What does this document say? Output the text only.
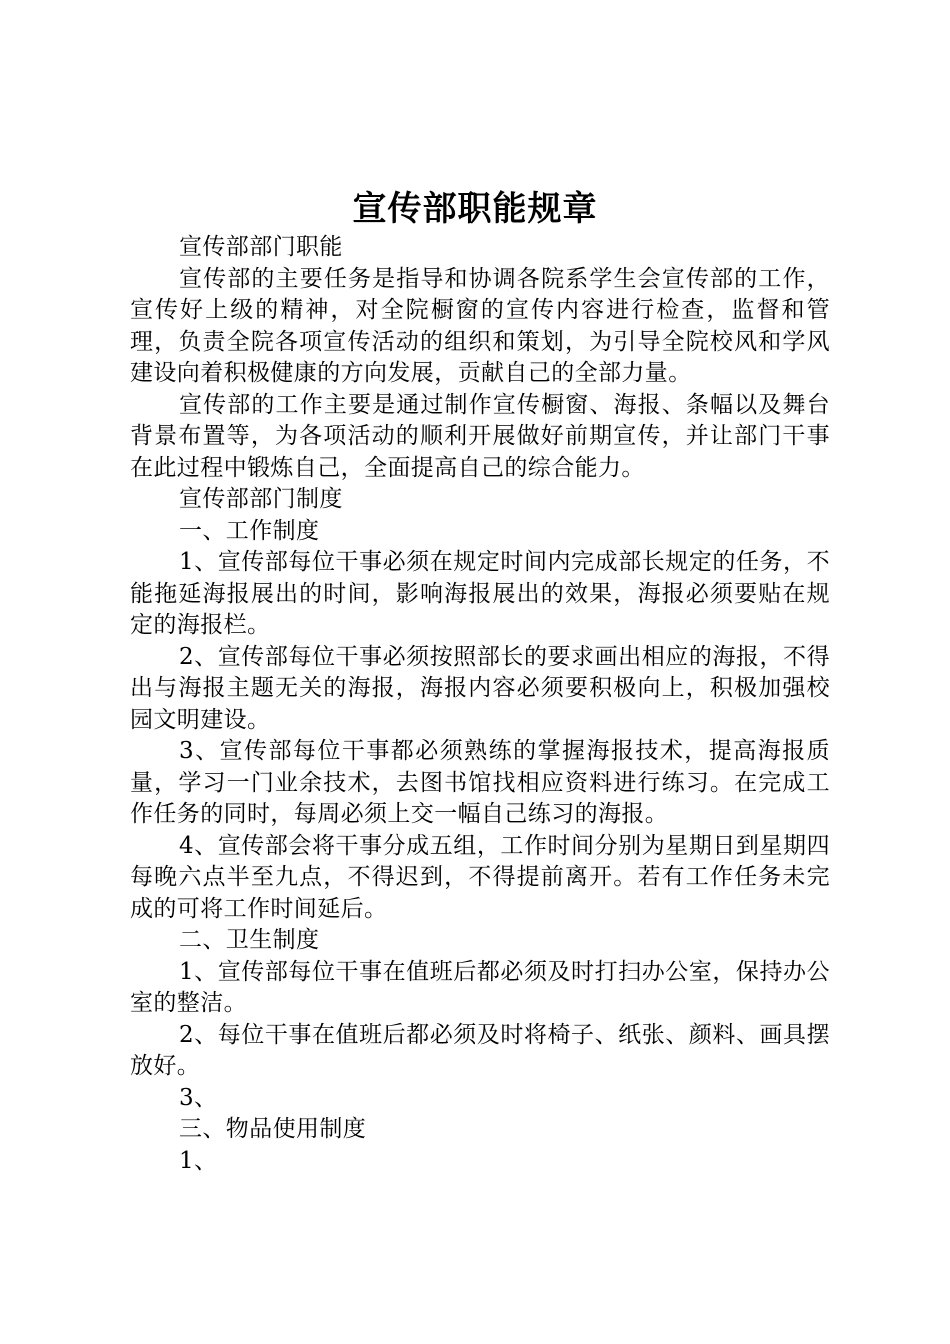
宣传部职能规章

宣传部部门职能

宣传部的主要任务是指导和协调各院系学生会宣传部的工作，宣传好上级的精神，对全院橱窗的宣传内容进行检查，监督和管理，负责全院各项宣传活动的组织和策划，为引导全院校风和学风建设向着积极健康的方向发展，贡献自己的全部力量。

宣传部的工作主要是通过制作宣传橱窗、海报、条幅以及舞台背景布置等，为各项活动的顺利开展做好前期宣传，并让部门干事在此过程中锻炼自己，全面提高自己的综合能力。

宣传部部门制度

一、工作制度

1、宣传部每位干事必须在规定时间内完成部长规定的任务，不能拖延海报展出的时间，影响海报展出的效果，海报必须要贴在规定的海报栏。

2、宣传部每位干事必须按照部长的要求画出相应的海报，不得出与海报主题无关的海报，海报内容必须要积极向上，积极加强校园文明建设。

3、宣传部每位干事都必须熟练的掌握海报技术，提高海报质量，学习一门业余技术，去图书馆找相应资料进行练习。在完成工作任务的同时，每周必须上交一幅自己练习的海报。

4、宣传部会将干事分成五组，工作时间分别为星期日到星期四每晚六点半至九点，不得迟到，不得提前离开。若有工作任务未完成的可将工作时间延后。

二、卫生制度

1、宣传部每位干事在值班后都必须及时打扫办公室，保持办公室的整洁。

2、每位干事在值班后都必须及时将椅子、纸张、颜料、画具摆放好。

3、

三、物品使用制度

1、
